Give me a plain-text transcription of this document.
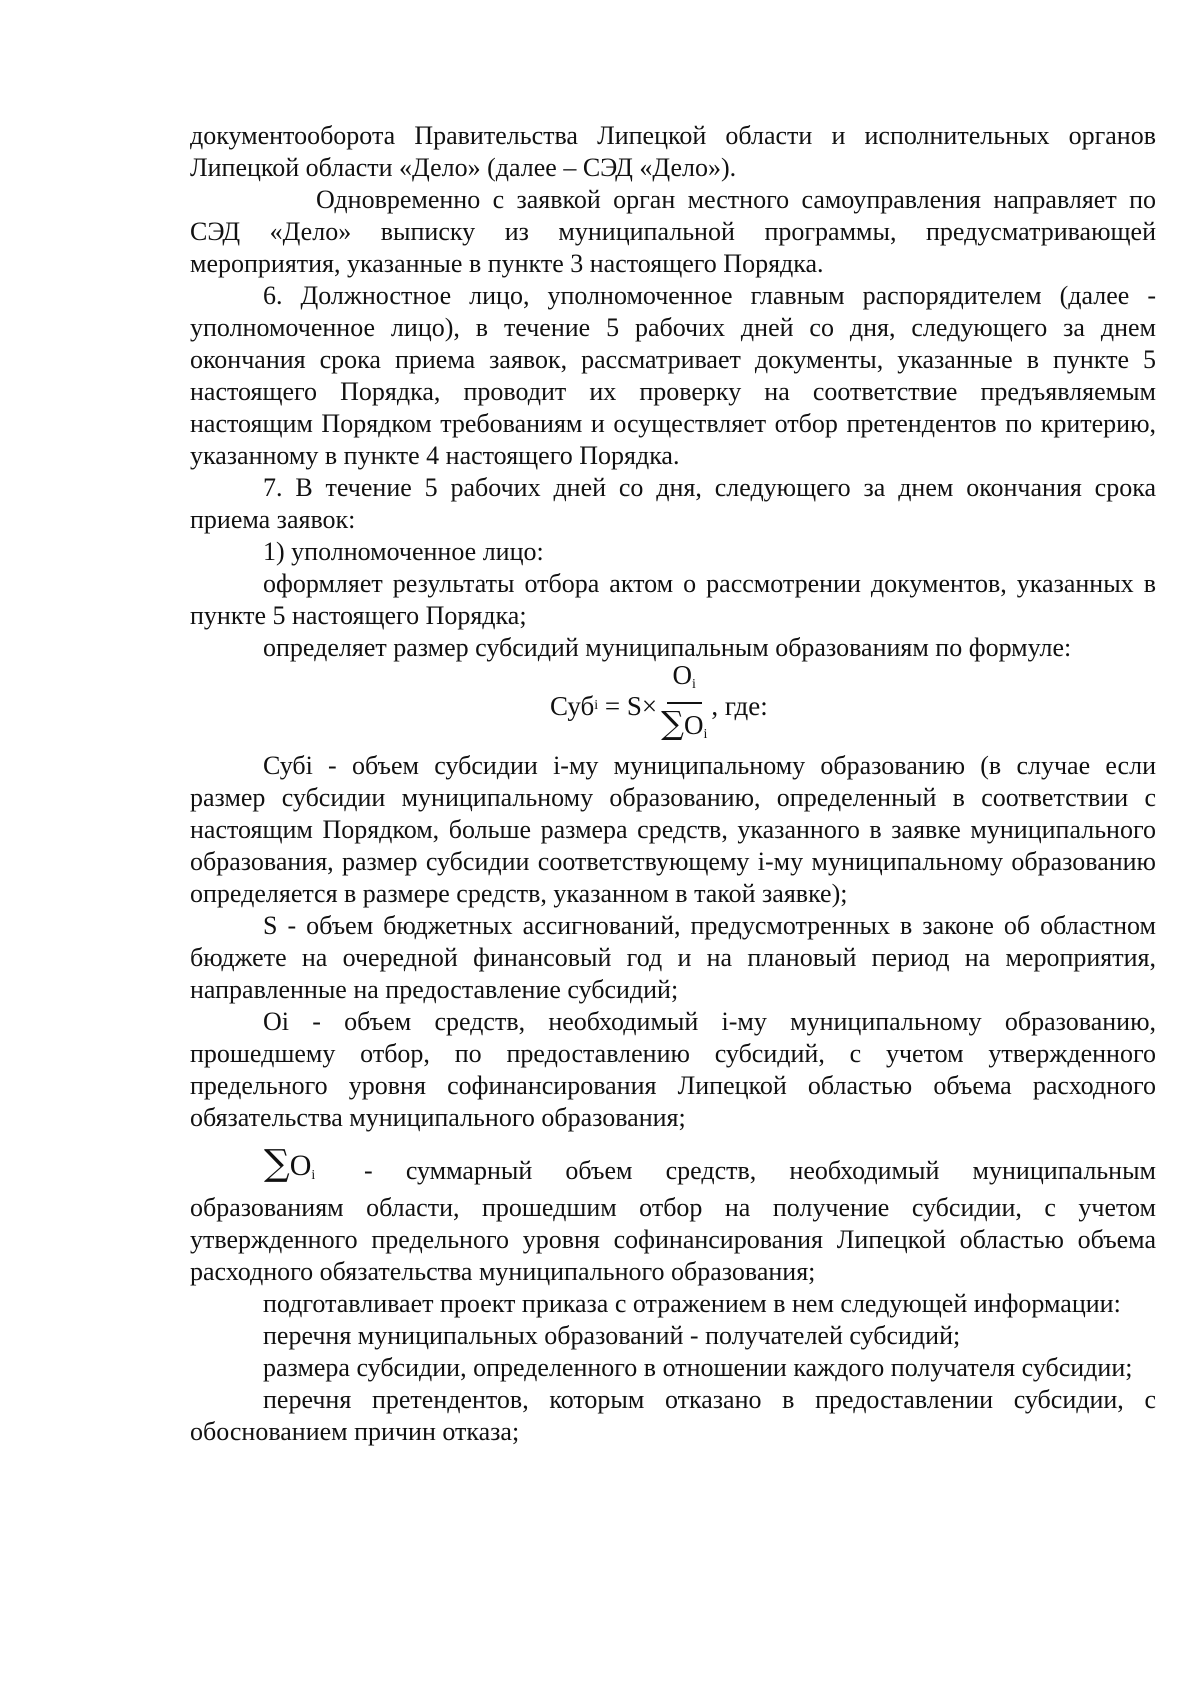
документооборота Правительства Липецкой области и исполнительных органов Липецкой области «Дело» (далее – СЭД «Дело»).

Одновременно с заявкой орган местного самоуправления направляет по СЭД «Дело» выписку из муниципальной программы, предусматривающей мероприятия, указанные в пункте 3 настоящего Порядка.

6. Должностное лицо, уполномоченное главным распорядителем (далее - уполномоченное лицо), в течение 5 рабочих дней со дня, следующего за днем окончания срока приема заявок, рассматривает документы, указанные в пункте 5 настоящего Порядка, проводит их проверку на соответствие предъявляемым настоящим Порядком требованиям и осуществляет отбор претендентов по критерию, указанному в пункте 4 настоящего Порядка.

7. В течение 5 рабочих дней со дня, следующего за днем окончания срока приема заявок:

1) уполномоченное лицо:

оформляет результаты отбора актом о рассмотрении документов, указанных в пункте 5 настоящего Порядка;

определяет размер субсидий муниципальным образованиям по формуле:

Суб $i = S\times \frac{O_i}{\sum O_i}$ , где:

Субi - объем субсидии i-му муниципальному образованию (в случае если размер субсидии муниципальному образованию, определенный в соответствии с настоящим Порядком, больше размера средств, указанного в заявке муниципального образования, размер субсидии соответствующему i-му муниципальному образованию определяется в размере средств, указанном в такой заявке);

S - объем бюджетных ассигнований, предусмотренных в законе об областном бюджете на очередной финансовый год и на плановый период на мероприятия, направленные на предоставление субсидий;

Oi - объем средств, необходимый i-му муниципальному образованию, прошедшему отбор, по предоставлению субсидий, с учетом утвержденного предельного уровня софинансирования Липецкой областью объема расходного обязательства муниципального образования;

$\sum O_i$ - суммарный объем средств, необходимый муниципальным

образованиям области, прошедшим отбор на получение субсидии, с учетом утвержденного предельного уровня софинансирования Липецкой областью объема расходного обязательства муниципального образования;

подготавливает проект приказа с отражением в нем следующей информации:

перечня муниципальных образований - получателей субсидий;

размера субсидии, определенного в отношении каждого получателя субсидии;

перечня претендентов, которым отказано в предоставлении субсидии, с обоснованием причин отказа;
